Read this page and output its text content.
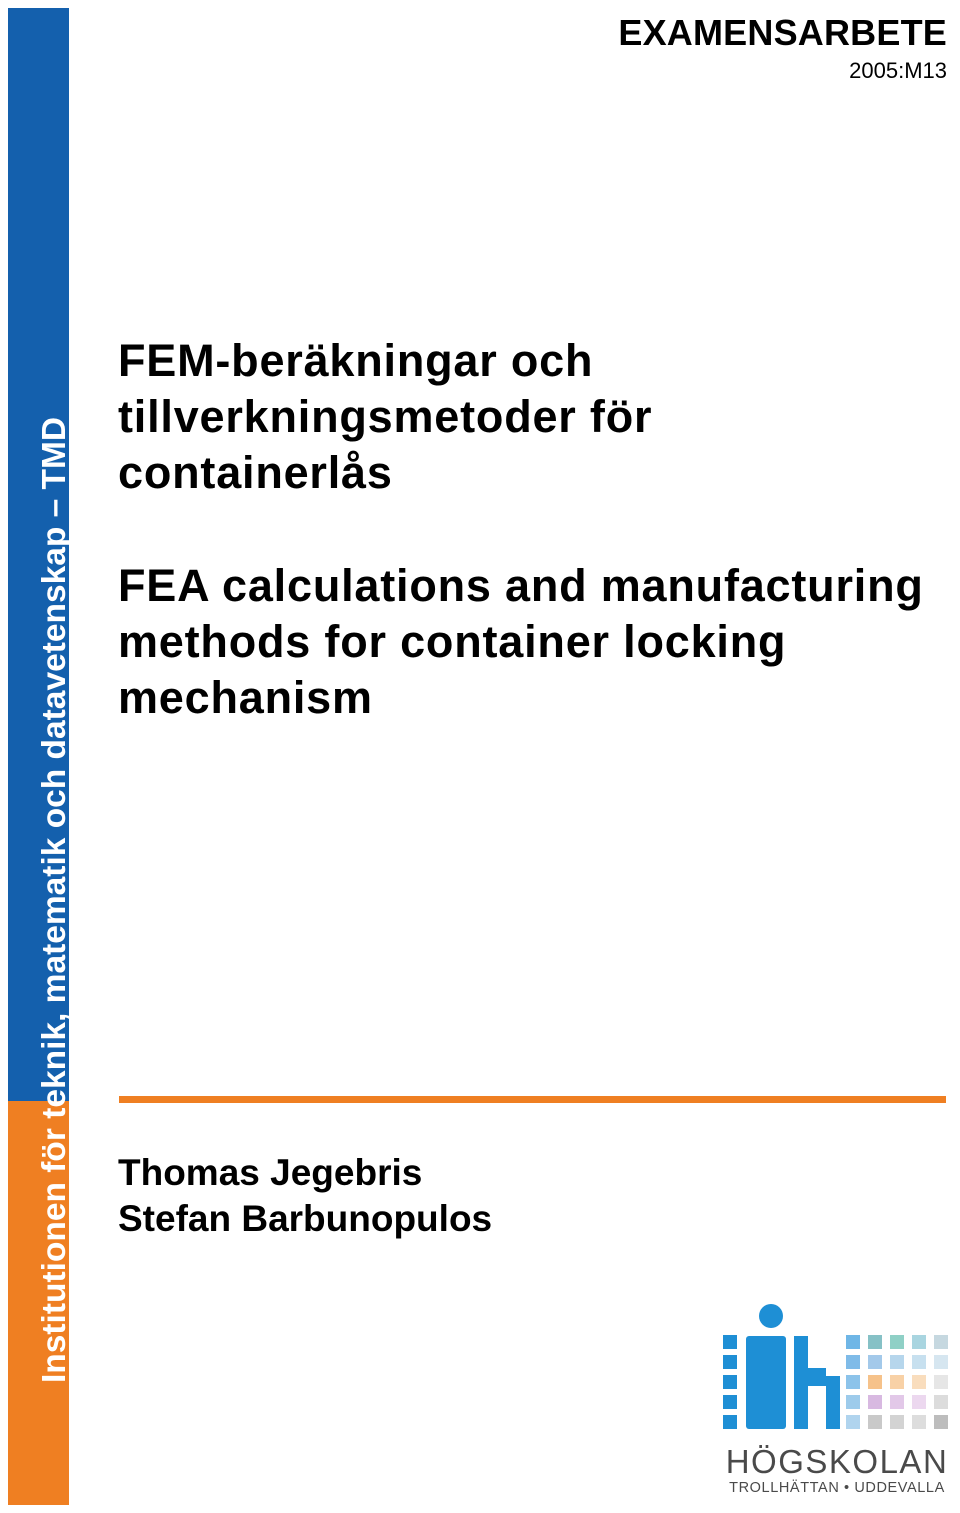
Institutionen för teknik, matematik och datavetenskap – TMD
EXAMENSARBETE
2005:M13
FEM-beräkningar och
tillverkningsmetoder för
containerlås
FEA calculations and manufacturing
methods for container locking
mechanism
Thomas Jegebris
Stefan Barbunopulos
HÖGSKOLAN
TROLLHÄTTAN • UDDEVALLA
